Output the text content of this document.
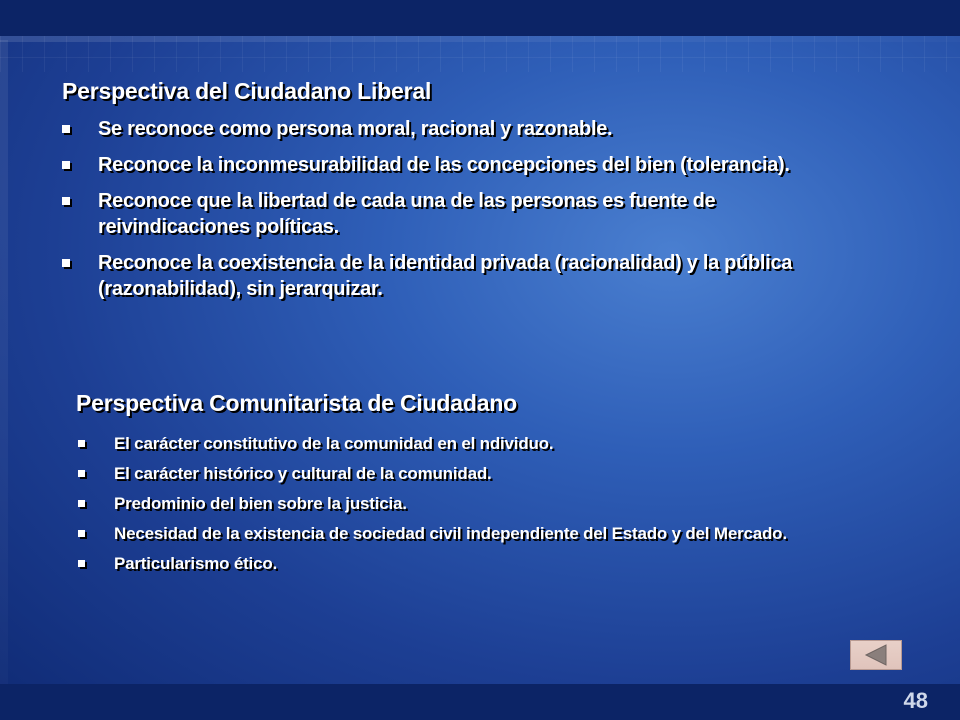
Perspectiva del Ciudadano Liberal
Se reconoce como persona moral, racional y razonable.
Reconoce la inconmesurabilidad de las concepciones del bien (tolerancia).
Reconoce que la libertad de cada una de las personas es fuente de reivindicaciones políticas.
Reconoce la coexistencia de la identidad privada (racionalidad) y la pública (razonabilidad), sin jerarquizar.
Perspectiva Comunitarista de Ciudadano
El carácter constitutivo de la comunidad en el ndividuo.
El carácter histórico y cultural de la comunidad.
Predominio del bien sobre la justicia.
Necesidad de la existencia de sociedad civil independiente del Estado y del Mercado.
Particularismo ético.
48
